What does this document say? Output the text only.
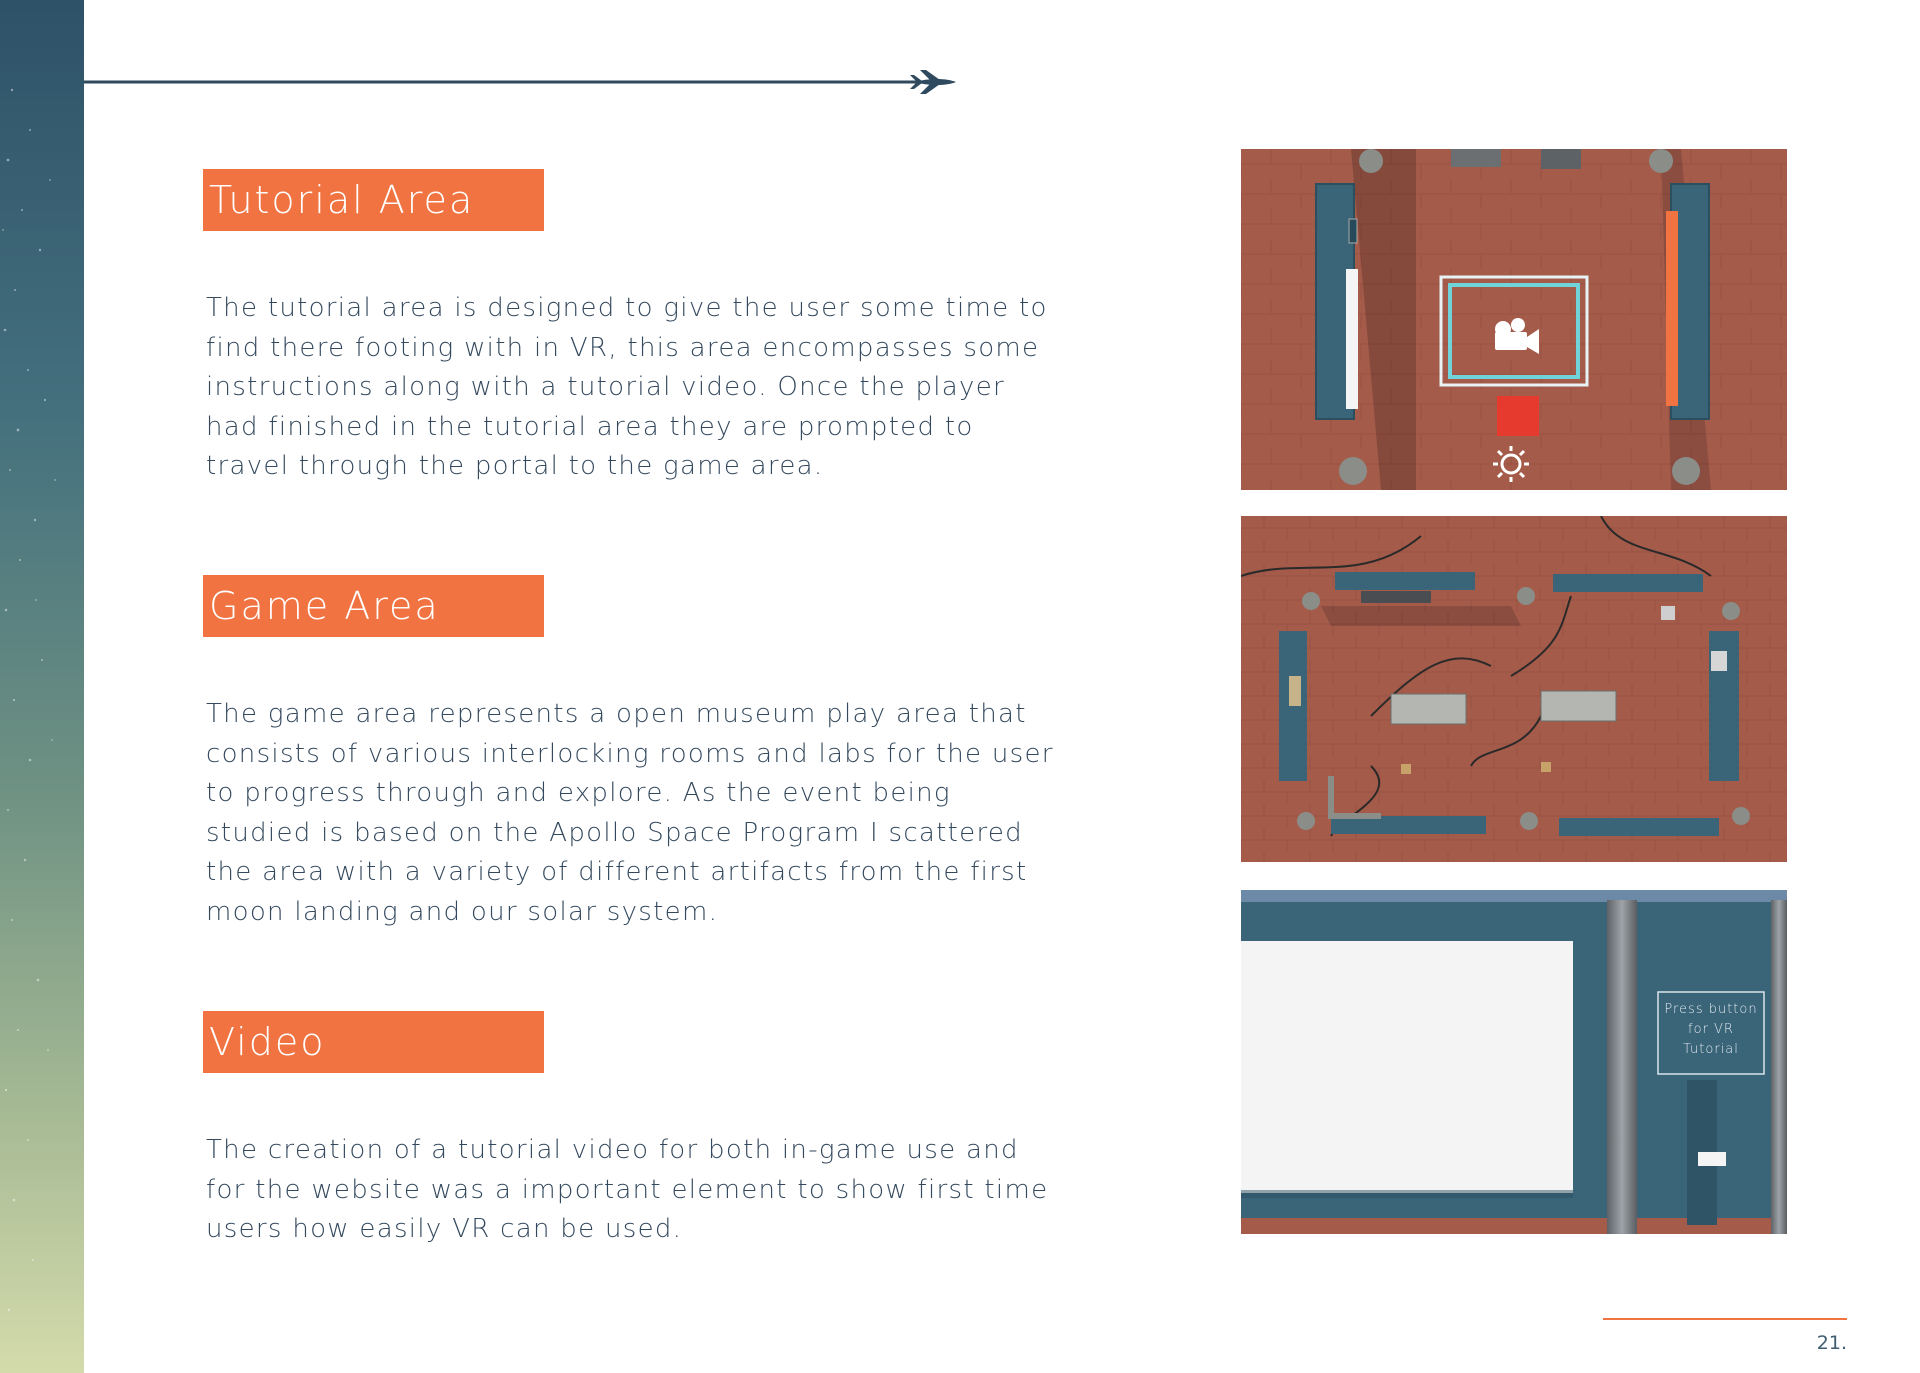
Tutorial Area

The tutorial area is designed to give the user some time to find there footing with in VR, this area encompasses some instructions along with a tutorial video. Once the player had finished in the tutorial area they are prompted to travel through the portal to the game area.

Game Area

The game area represents a open museum play area that consists of various interlocking rooms and labs for the user to progress through and explore. As the event being studied is based on the Apollo Space Program I scattered the area with a variety of different artifacts from the first moon landing and our solar system.

Video

The creation of a tutorial video for both in-game use and for the website was a important element to show first time users how easily VR can be used.

Press button for VR Tutorial
21.
